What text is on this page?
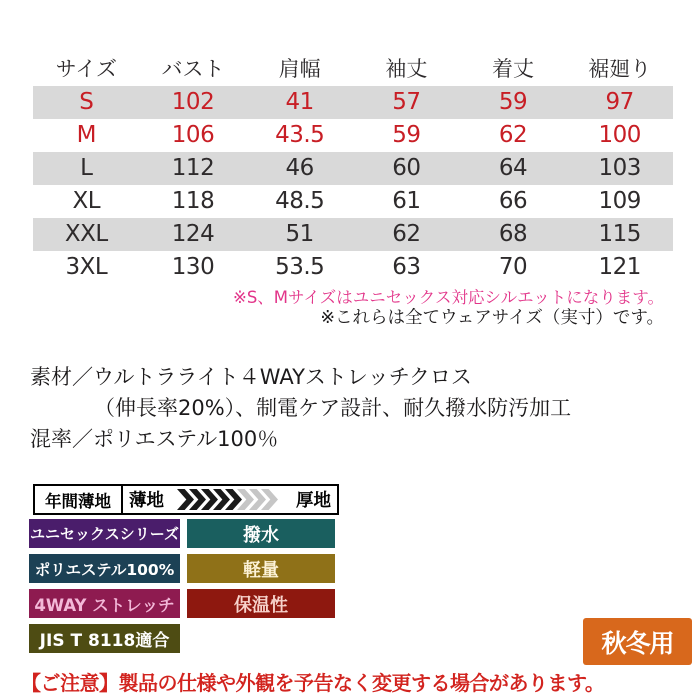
サイズ	バスト	肩幅	袖丈	着丈	裾廻り
S	102	41	57	59	97
M	106	43.5	59	62	100
L	112	46	60	64	103
XL	118	48.5	61	66	109
XXL	124	51	62	68	115
3XL	130	53.5	63	70	121
※S、Mサイズはユニセックス対応シルエットになります。
※これらは全てウェアサイズ（実寸）です。
素材／ウルトラライト４WAYストレッチクロス
（伸長率20%）、制電ケア設計、耐久撥水防汚加工
混率／ポリエステル100％
年間薄地	薄地	厚地
ユニセックスシリーズ
ポリエステル100%
4WAY ストレッチ
JIS T 8118適合
撥水
軽量
保温性
秋冬用
【ご注意】製品の仕様や外観を予告なく変更する場合があります。
